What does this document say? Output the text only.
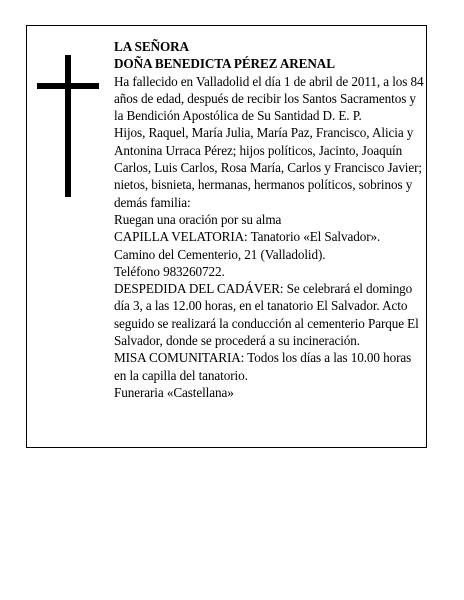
LA SEÑORA

DOÑA BENEDICTA PÉREZ ARENAL

Ha fallecido en Valladolid el día 1 de abril de 2011, a los 84 años de edad, después de recibir los Santos Sacramentos y la Bendición Apostólica de Su Santidad D. E. P.

Hijos, Raquel, María Julia, María Paz, Francisco, Alicia y Antonina Urraca Pérez; hijos políticos, Jacinto, Joaquín Carlos, Luis Carlos, Rosa María, Carlos y Francisco Javier; nietos, bisnieta, hermanas, hermanos políticos, sobrinos y demás familia:

Ruegan una oración por su alma

CAPILLA VELATORIA: Tanatorio «El Salvador».

Camino del Cementerio, 21 (Valladolid).

Teléfono 983260722.

DESPEDIDA DEL CADÁVER: Se celebrará el domingo día 3, a las 12.00 horas, en el tanatorio El Salvador. Acto seguido se realizará la conducción al cementerio Parque El Salvador, donde se procederá a su incineración.

MISA COMUNITARIA: Todos los días a las 10.00 horas en la capilla del tanatorio.

Funeraria «Castellana»
